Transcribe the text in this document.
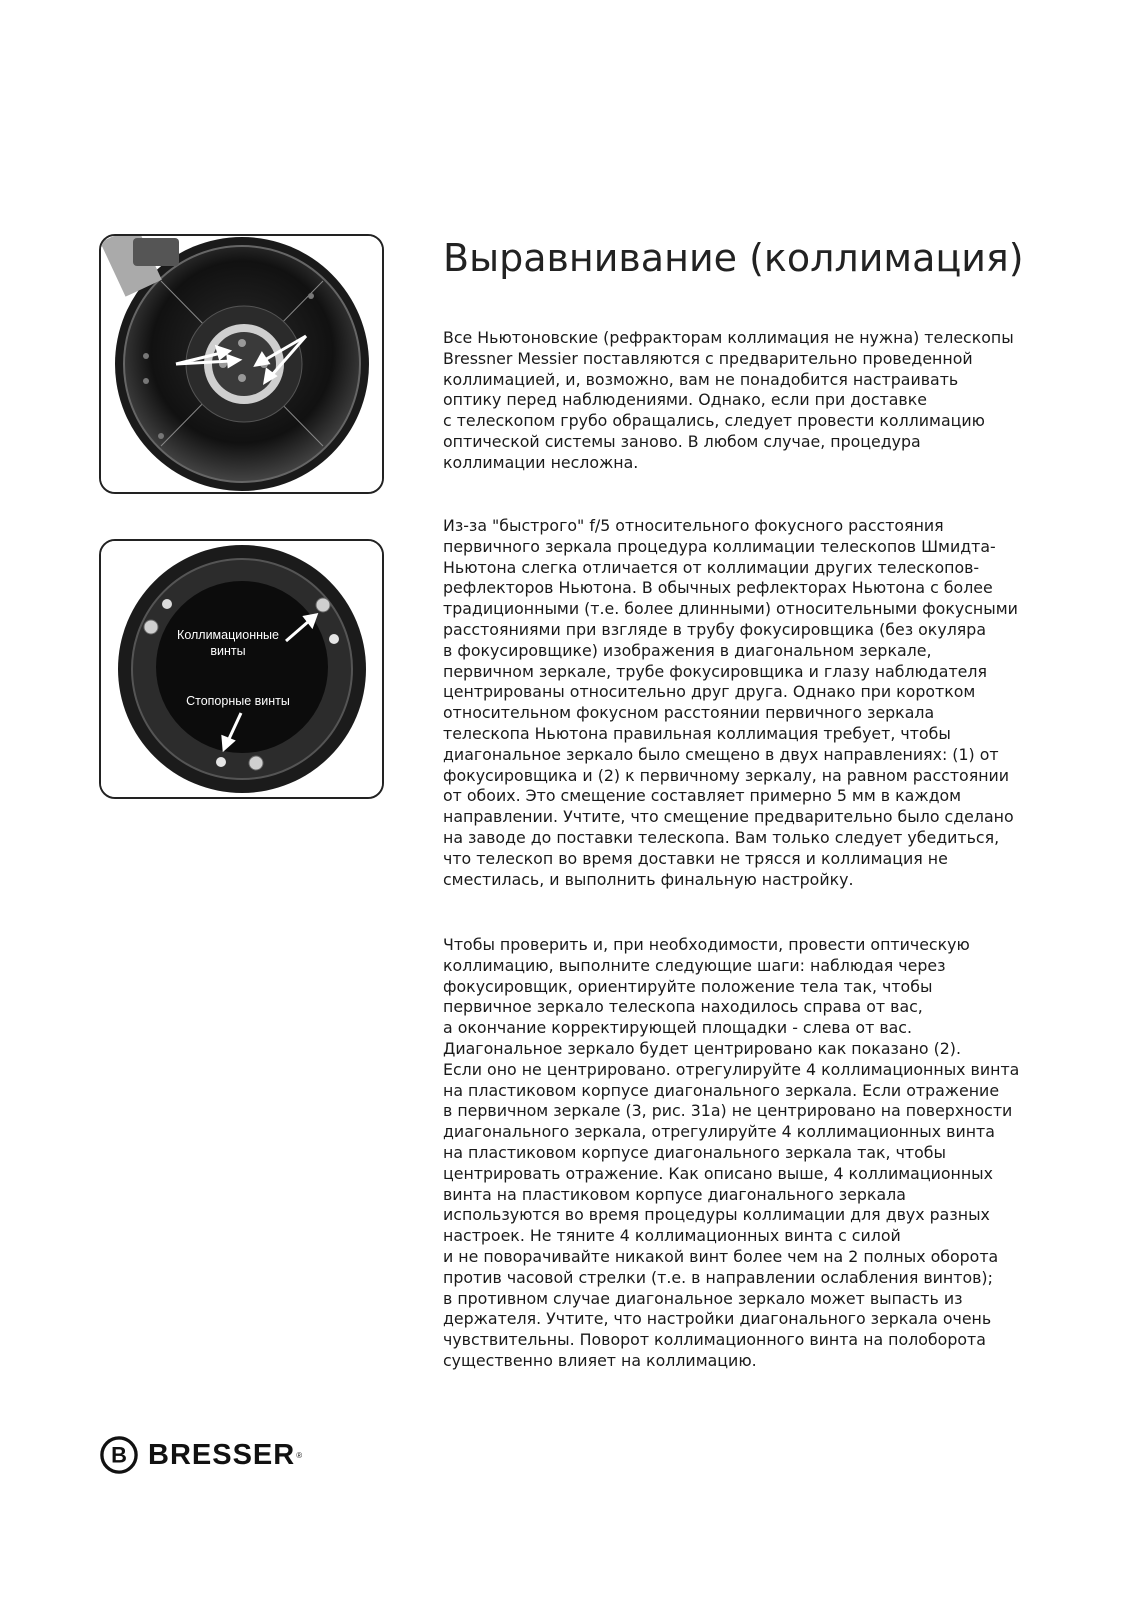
Коллимационные
винты
Стопорные винты
Выравнивание (коллимация)
Все Ньютоновские (рефракторам коллимация не нужна) телескопы
Bressner Messier поставляются с предварительно проведенной
коллимацией, и, возможно, вам не понадобится настраивать
оптику перед наблюдениями. Однако, если при доставке
с телескопом грубо обращались, следует провести коллимацию
оптической системы заново. В любом случае, процедура
коллимации несложна.
Из-за "быстрого" f/5 относительного фокусного расстояния
первичного зеркала процедура коллимации телескопов Шмидта-
Ньютона слегка отличается от коллимации других телескопов-
рефлекторов Ньютона. В обычных рефлекторах Ньютона с более
традиционными (т.е. более длинными) относительными фокусными
расстояниями при взгляде в трубу фокусировщика (без окуляра
в фокусировщике) изображения в диагональном зеркале,
первичном зеркале, трубе фокусировщика и глазу наблюдателя
центрированы относительно друг друга. Однако при коротком
относительном фокусном расстоянии первичного зеркала
телескопа Ньютона правильная коллимация требует, чтобы
диагональное зеркало было смещено в двух направлениях: (1) от
фокусировщика и (2) к первичному зеркалу, на равном расстоянии
от обоих. Это смещение составляет примерно 5 мм в каждом
направлении. Учтите, что смещение предварительно было сделано
на заводе до поставки телескопа. Вам только следует убедиться,
что телескоп во время доставки не трясся и коллимация не
сместилась, и выполнить финальную настройку.
Чтобы проверить и, при необходимости, провести оптическую
коллимацию, выполните следующие шаги: наблюдая через
фокусировщик, ориентируйте положение тела так, чтобы
первичное зеркало телескопа находилось справа от вас,
а окончание корректирующей площадки - слева от вас.
Диагональное зеркало будет центрировано как показано (2).
Если оно не центрировано. отрегулируйте 4 коллимационных винта
на пластиковом корпусе диагонального зеркала. Если отражение
в первичном зеркале (3, рис. 31а) не центрировано на поверхности
диагонального зеркала, отрегулируйте 4 коллимационных винта
на пластиковом корпусе диагонального зеркала так, чтобы
центрировать отражение. Как описано выше, 4 коллимационных
винта на пластиковом корпусе диагонального зеркала
используются во время процедуры коллимации для двух разных
настроек. Не тяните 4 коллимационных винта с силой
и не поворачивайте никакой винт более чем на 2 полных оборота
против часовой стрелки (т.е. в направлении ослабления винтов);
в противном случае диагональное зеркало может выпасть из
держателя. Учтите, что настройки диагонального зеркала очень
чувствительны. Поворот коллимационного винта на полоборота
существенно влияет на коллимацию.
B BRESSER ®
